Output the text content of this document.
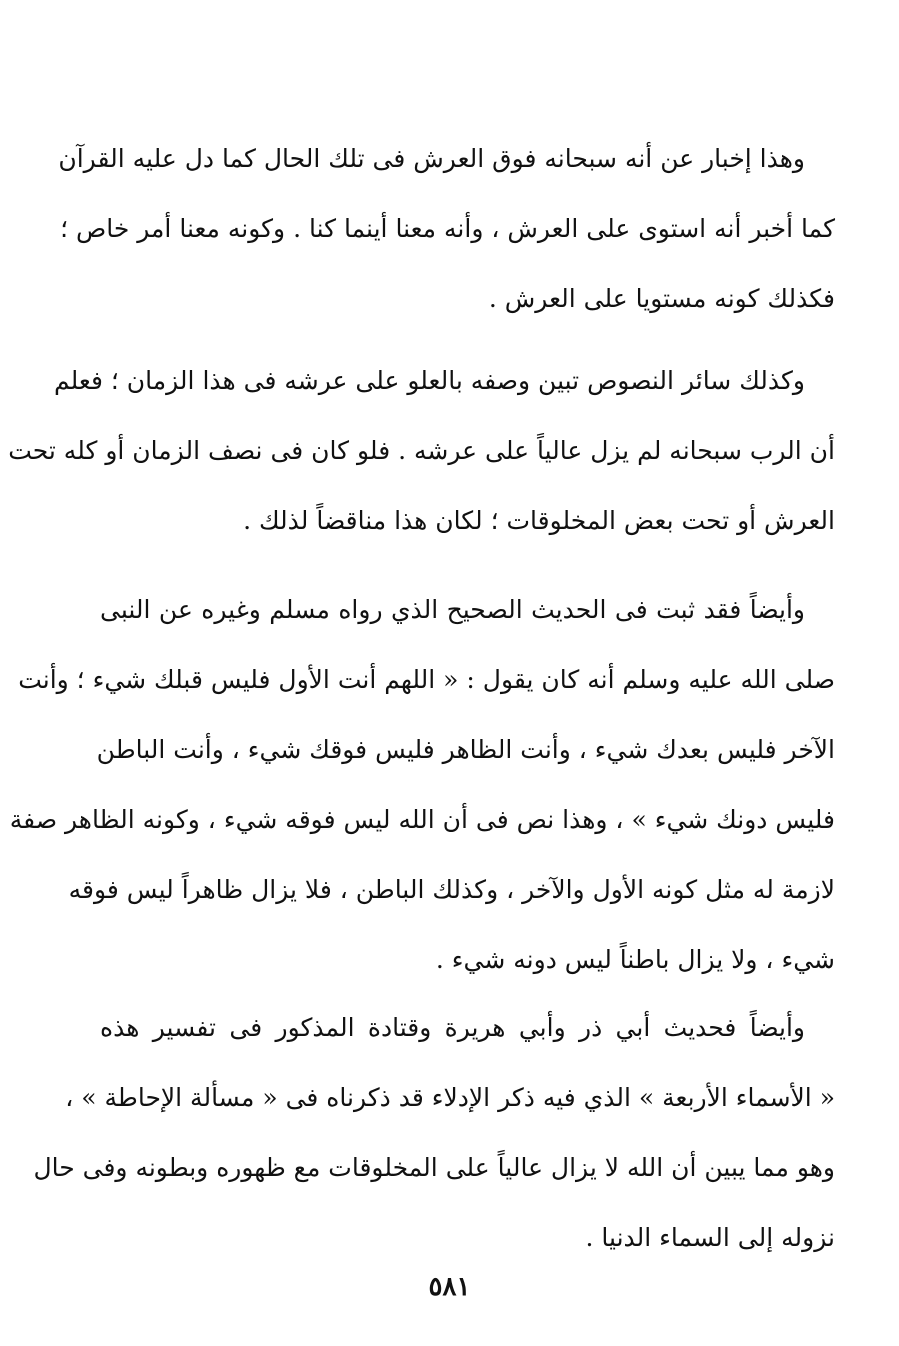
وهذا إخبار عن أنه سبحانه فوق العرش فى تلك الحال كما دل عليه القرآن
كما أخبر أنه استوى على العرش ، وأنه معنا أينما كنا . وكونه معنا أمر خاص ؛
فكذلك كونه مستويا على العرش .
وكذلك سائر النصوص تبين وصفه بالعلو على عرشه فى هذا الزمان ؛ فعلم
أن الرب سبحانه لم يزل عالياً على عرشه . فلو كان فى نصف الزمان أو كله تحت
العرش أو تحت بعض المخلوقات ؛ لكان هذا مناقضاً لذلك .
وأيضاً فقد ثبت فى الحديث الصحيح الذي رواه مسلم وغيره عن النبى
صلى الله عليه وسلم أنه كان يقول : « اللهم أنت الأول فليس قبلك شيء ؛ وأنت
الآخر فليس بعدك شيء ، وأنت الظاهر فليس فوقك شيء ، وأنت الباطن
فليس دونك شيء » ، وهذا نص فى أن الله ليس فوقه شيء ، وكونه الظاهر صفة
لازمة له مثل كونه الأول والآخر ، وكذلك الباطن ، فلا يزال ظاهراً ليس فوقه
شيء ، ولا يزال باطناً ليس دونه شيء .
وأيضاً فحديث أبي ذر وأبي هريرة وقتادة المذكور فى تفسير هذه
« الأسماء الأربعة » الذي فيه ذكر الإدلاء قد ذكرناه فى « مسألة الإحاطة » ،
وهو مما يبين أن الله لا يزال عالياً على المخلوقات مع ظهوره وبطونه وفى حال
نزوله إلى السماء الدنيا .
٥٨١
